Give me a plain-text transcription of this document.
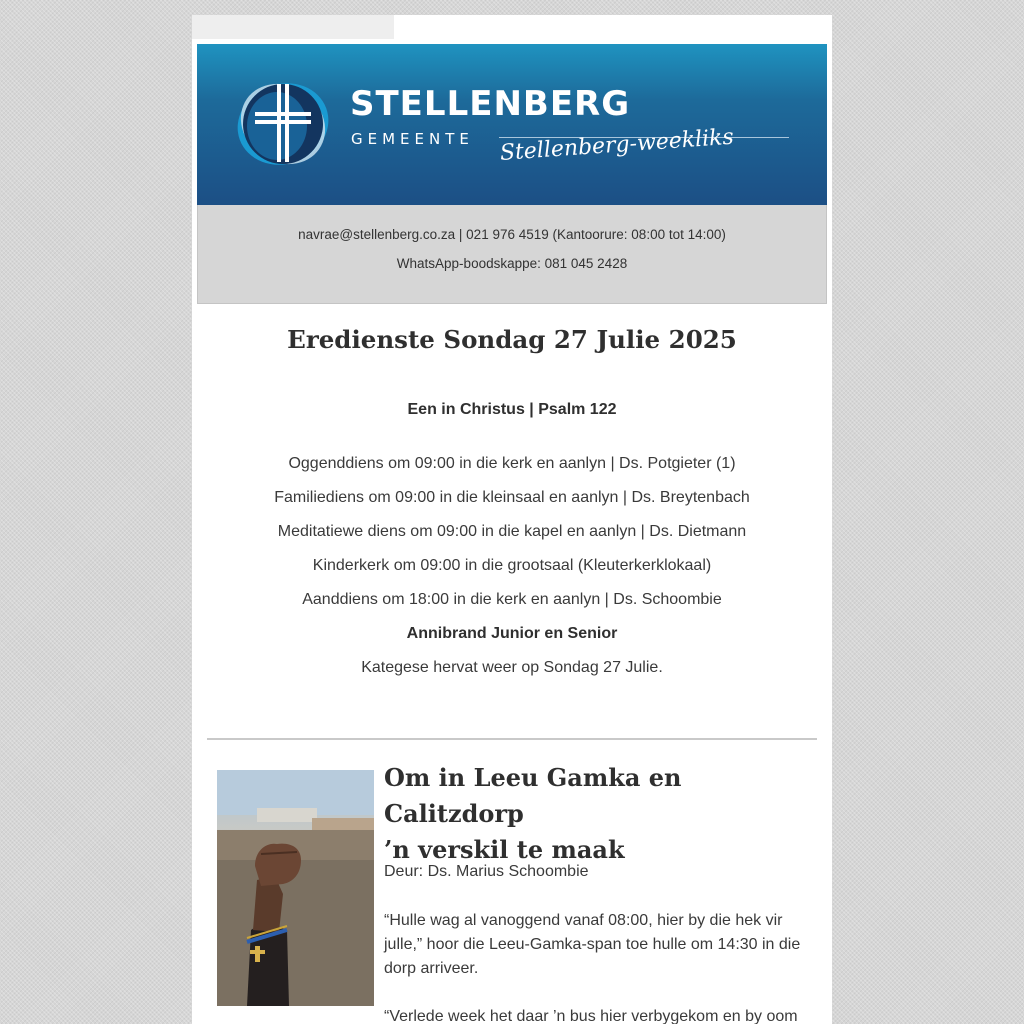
STELLENBERG
GEMEENTE Stellenberg-weekliks
navrae@stellenberg.co.za | 021 976 4519 (Kantoorure: 08:00 tot 14:00)
WhatsApp-boodskappe: 081 045 2428
Eredienste Sondag 27 Julie 2025
Een in Christus | Psalm 122
Oggenddiens om 09:00 in die kerk en aanlyn | Ds. Potgieter (1)
Familiediens om 09:00 in die kleinsaal en aanlyn | Ds. Breytenbach
Meditatiewe diens om 09:00 in die kapel en aanlyn | Ds. Dietmann
Kinderkerk om 09:00 in die grootsaal (Kleuterkerklokaal)
Aanddiens om 18:00 in die kerk en aanlyn | Ds. Schoombie
Annibrand Junior en Senior
Kategese hervat weer op Sondag 27 Julie.
Om in Leeu Gamka en Calitzdorp
’n verskil te maak
Deur: Ds. Marius Schoombie
“Hulle wag al vanoggend vanaf 08:00, hier by die hek vir julle,” hoor die Leeu-Gamka-span toe hulle om 14:30 in die dorp arriveer.
“Verlede week het daar ’n bus hier verbygekom en by oom
